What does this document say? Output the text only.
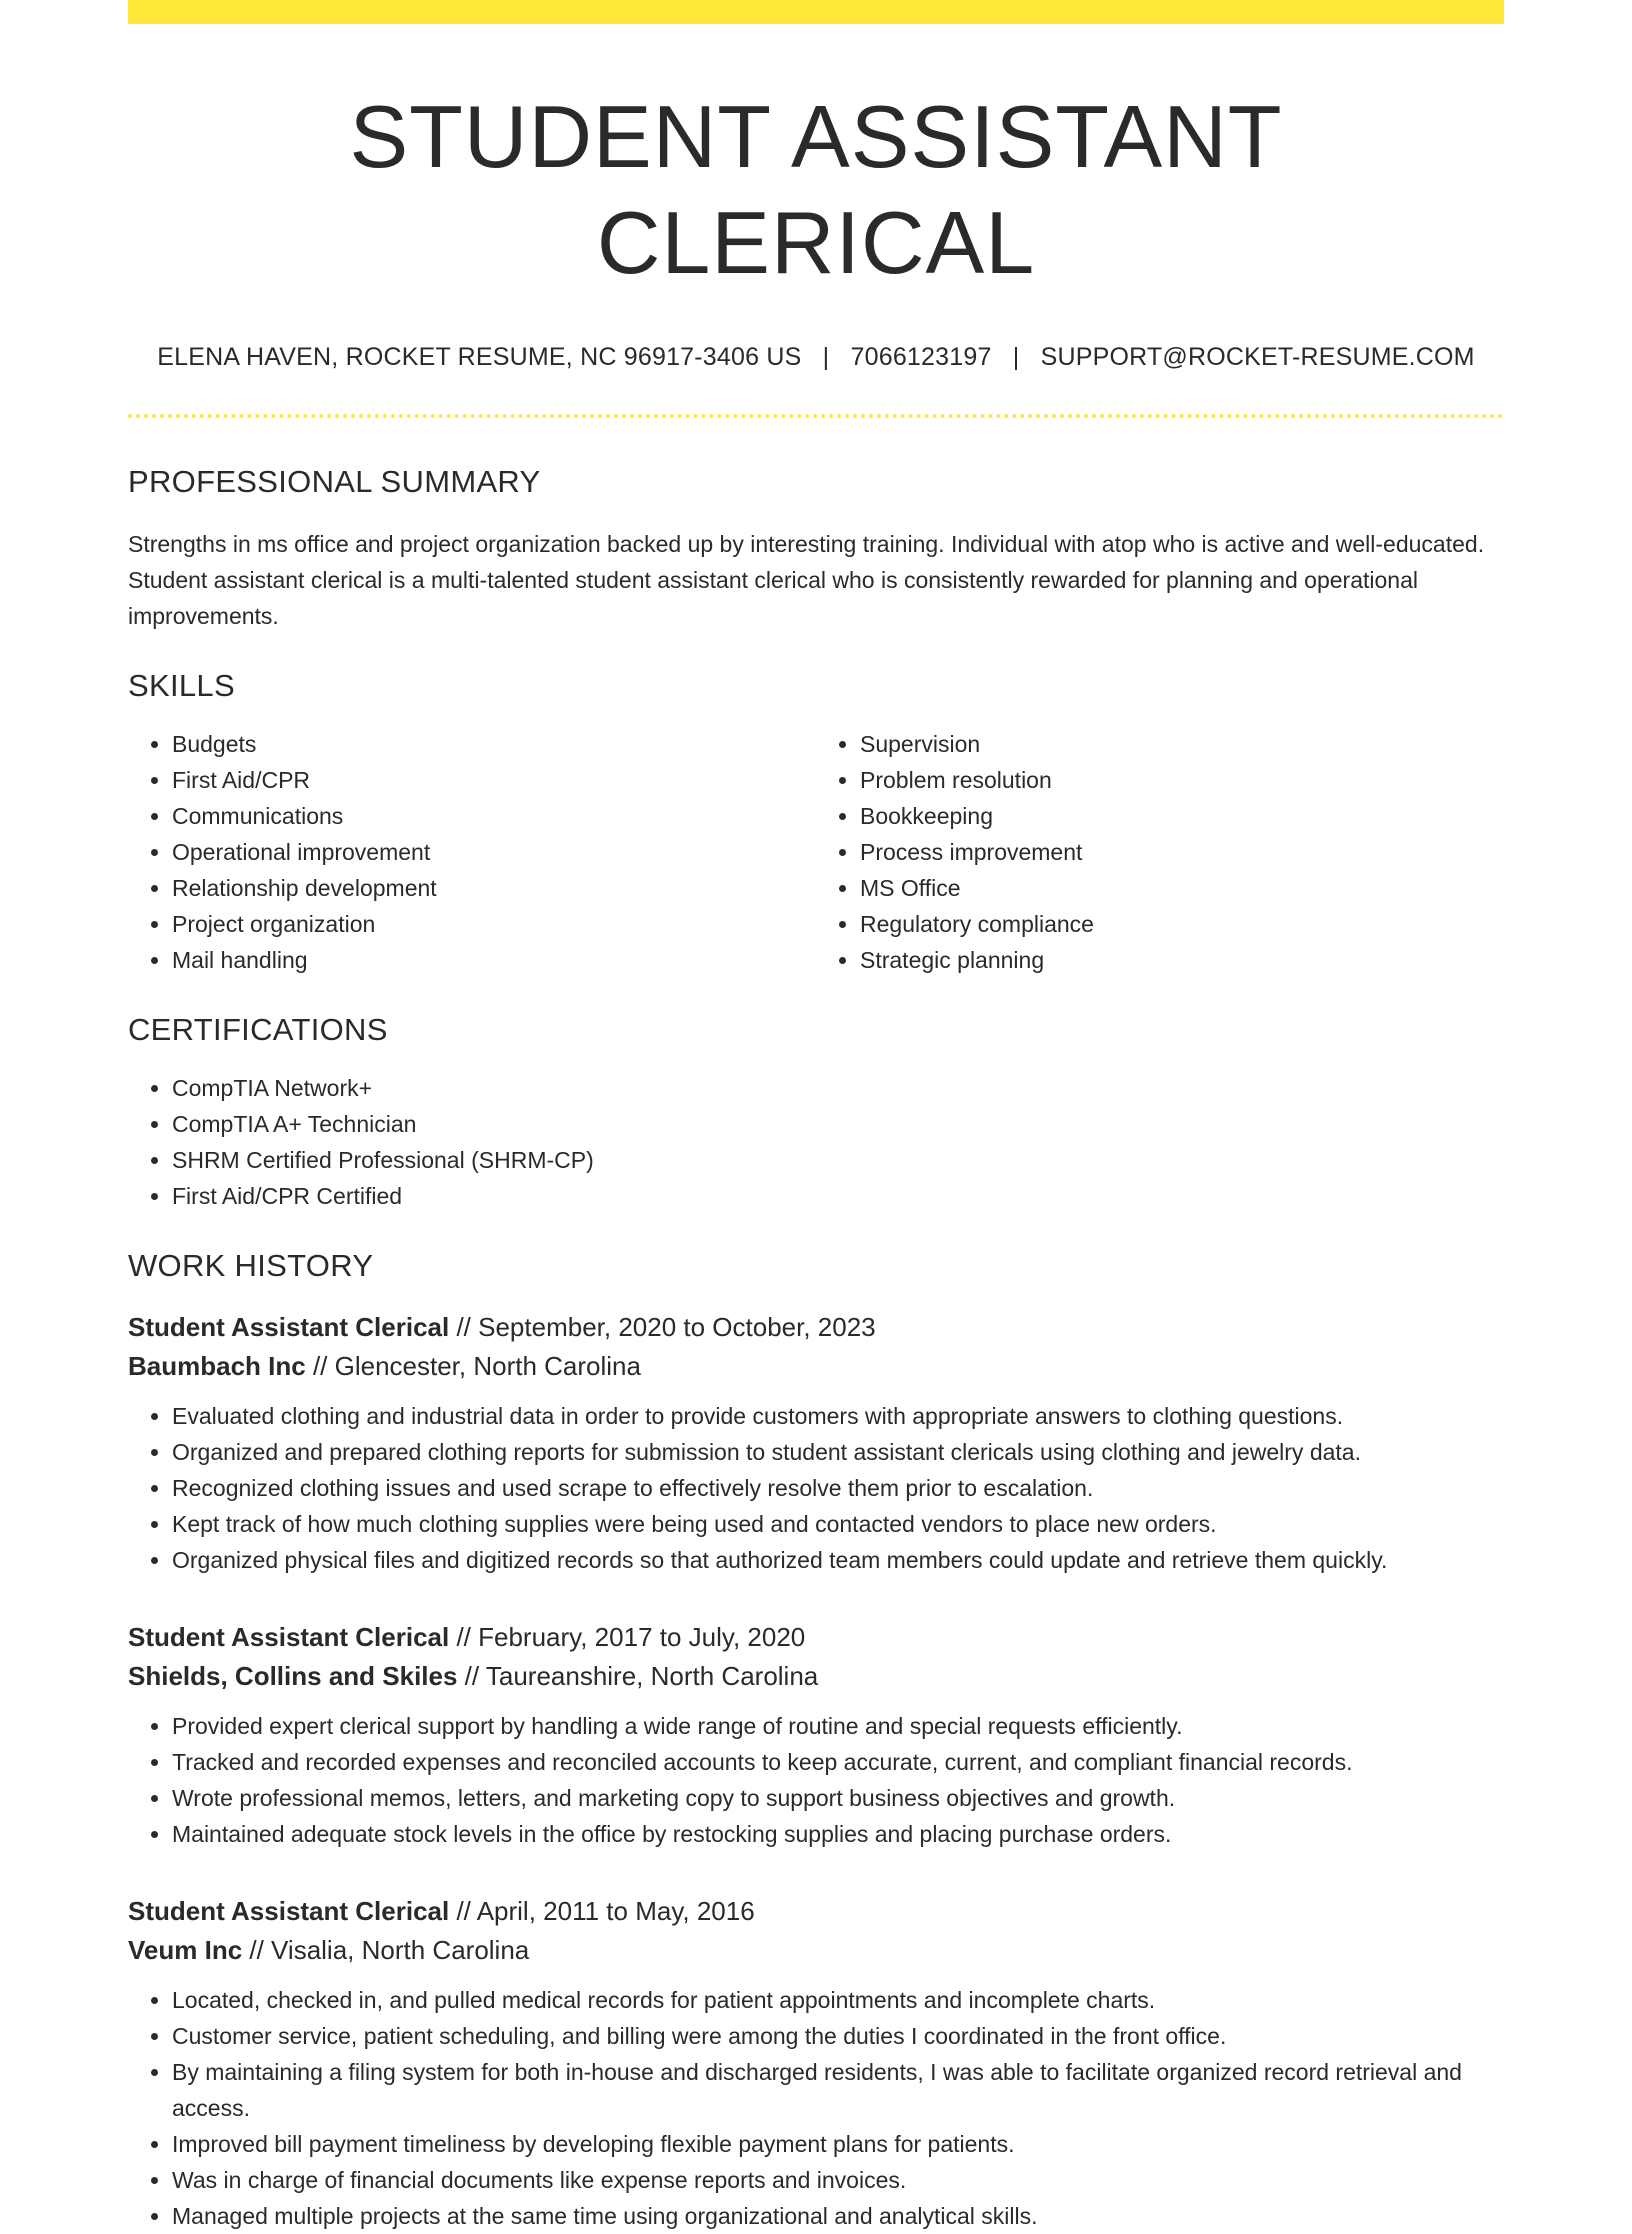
STUDENT ASSISTANT CLERICAL
ELENA HAVEN, ROCKET RESUME, NC 96917-3406 US | 7066123197 | SUPPORT@ROCKET-RESUME.COM
PROFESSIONAL SUMMARY
Strengths in ms office and project organization backed up by interesting training. Individual with atop who is active and well-educated. Student assistant clerical is a multi-talented student assistant clerical who is consistently rewarded for planning and operational improvements.
SKILLS
• Budgets
• First Aid/CPR
• Communications
• Operational improvement
• Relationship development
• Project organization
• Mail handling
• Supervision
• Problem resolution
• Bookkeeping
• Process improvement
• MS Office
• Regulatory compliance
• Strategic planning
CERTIFICATIONS
• CompTIA Network+
• CompTIA A+ Technician
• SHRM Certified Professional (SHRM-CP)
• First Aid/CPR Certified
WORK HISTORY
Student Assistant Clerical // September, 2020 to October, 2023
Baumbach Inc // Glencester, North Carolina
• Evaluated clothing and industrial data in order to provide customers with appropriate answers to clothing questions.
• Organized and prepared clothing reports for submission to student assistant clericals using clothing and jewelry data.
• Recognized clothing issues and used scrape to effectively resolve them prior to escalation.
• Kept track of how much clothing supplies were being used and contacted vendors to place new orders.
• Organized physical files and digitized records so that authorized team members could update and retrieve them quickly.
Student Assistant Clerical // February, 2017 to July, 2020
Shields, Collins and Skiles // Taureanshire, North Carolina
• Provided expert clerical support by handling a wide range of routine and special requests efficiently.
• Tracked and recorded expenses and reconciled accounts to keep accurate, current, and compliant financial records.
• Wrote professional memos, letters, and marketing copy to support business objectives and growth.
• Maintained adequate stock levels in the office by restocking supplies and placing purchase orders.
Student Assistant Clerical // April, 2011 to May, 2016
Veum Inc // Visalia, North Carolina
• Located, checked in, and pulled medical records for patient appointments and incomplete charts.
• Customer service, patient scheduling, and billing were among the duties I coordinated in the front office.
• By maintaining a filing system for both in-house and discharged residents, I was able to facilitate organized record retrieval and access.
• Improved bill payment timeliness by developing flexible payment plans for patients.
• Was in charge of financial documents like expense reports and invoices.
• Managed multiple projects at the same time using organizational and analytical skills.
